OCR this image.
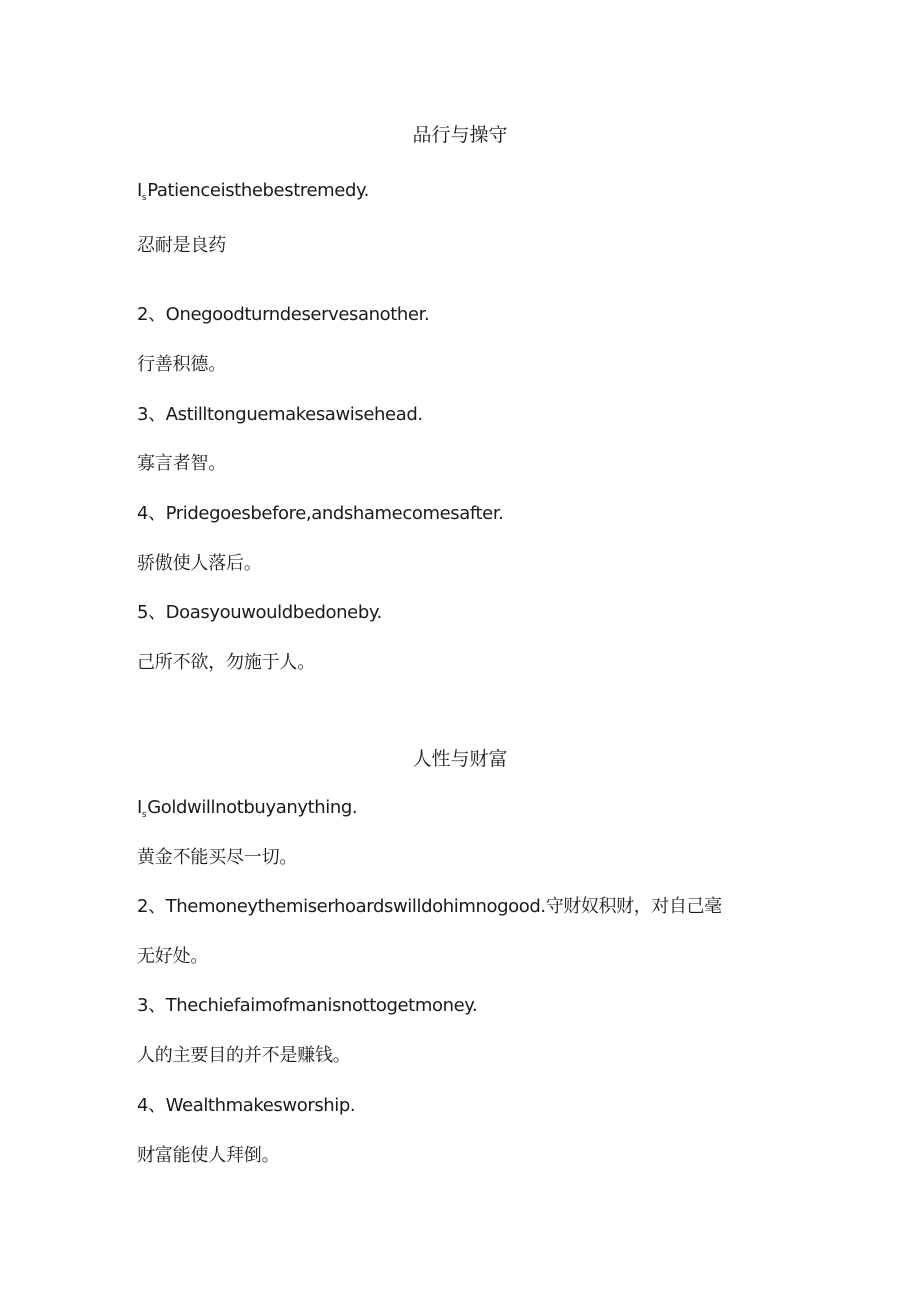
品行与操守
$I_sPatienceisthebestremedy$.
忍耐是良药
2、Onegoodturndeservesanother.
行善积德。
3、Astilltonguemakesawisehead.
寡言者智。
4、Pridegoesbefore,andshamecomesafter.
骄傲使人落后。
5、Doasyouwouldbedoneby.
己所不欲，勿施于人。
人性与财富
$I_sGoldwillnotbuyanything$.
黄金不能买尽一切。
2、Themoneythemiserhoardswilldohimnogood.守财奴积财，对自己毫
无好处。
3、Thechiefaimofmanisnottogetmoney.
人的主要目的并不是赚钱。
4、Wealthmakesworship.
财富能使人拜倒。
